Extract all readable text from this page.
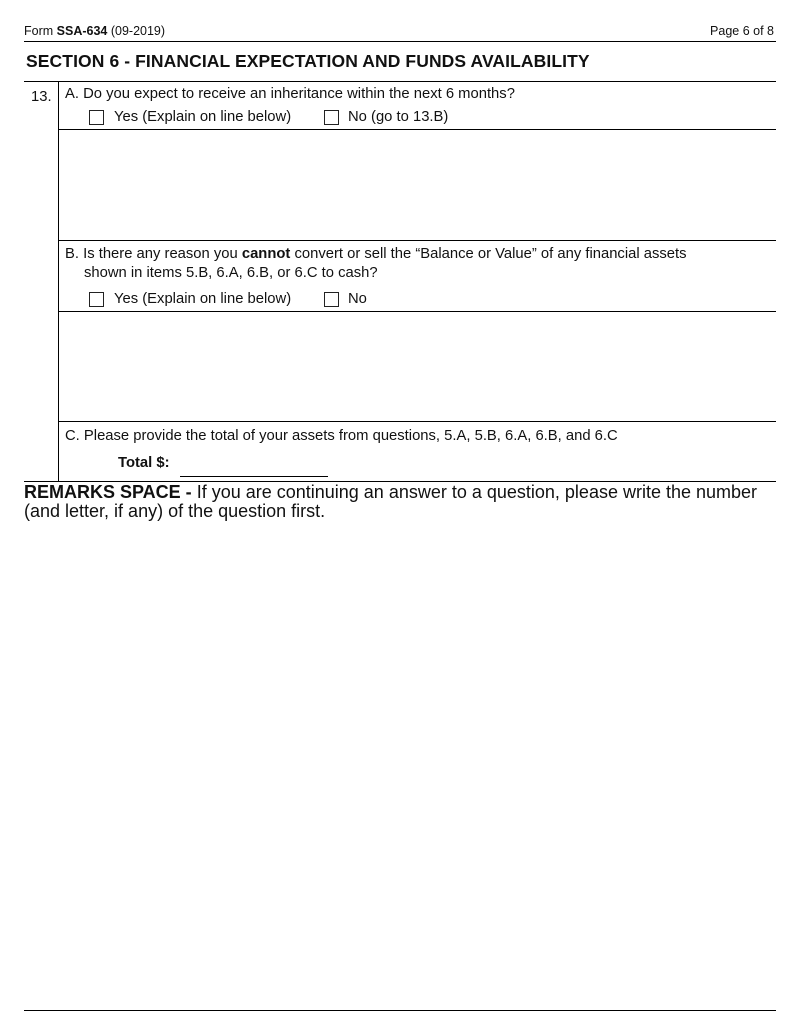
Form SSA-634 (09-2019)	Page 6 of 8
SECTION 6 - FINANCIAL EXPECTATION AND FUNDS AVAILABILITY
13. A. Do you expect to receive an inheritance within the next 6 months?
Yes (Explain on line below)	No (go to 13.B)
B. Is there any reason you cannot convert or sell the “Balance or Value” of any financial assets
shown in items 5.B, 6.A, 6.B, or 6.C to cash?
Yes (Explain on line below)	No
C. Please provide the total of your assets from questions, 5.A, 5.B, 6.A, 6.B, and 6.C
Total $:
REMARKS SPACE - If you are continuing an answer to a question, please write the number
(and letter, if any) of the question first.
